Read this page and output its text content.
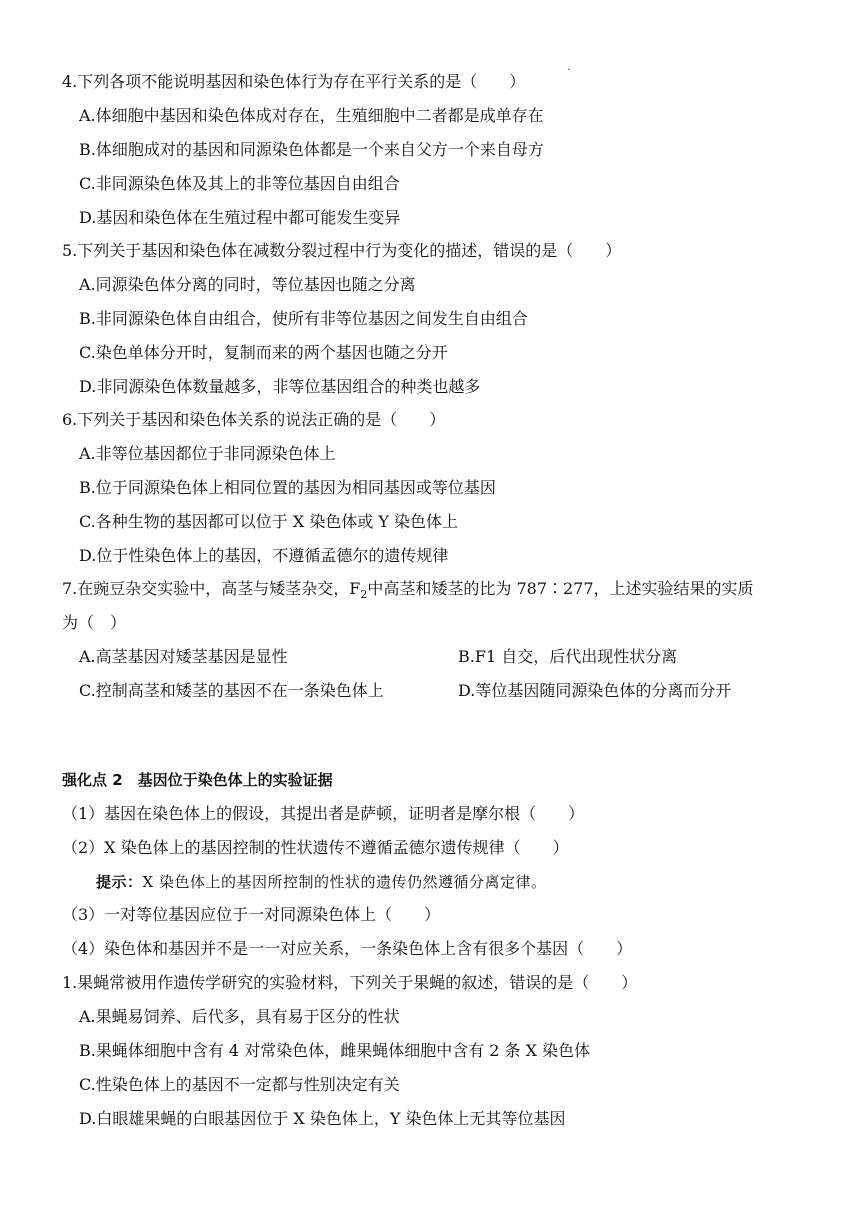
4.下列各项不能说明基因和染色体行为存在平行关系的是（　　）	˙
A.体细胞中基因和染色体成对存在，生殖细胞中二者都是成单存在
B.体细胞成对的基因和同源染色体都是一个来自父方一个来自母方
C.非同源染色体及其上的非等位基因自由组合
D.基因和染色体在生殖过程中都可能发生变异
5.下列关于基因和染色体在减数分裂过程中行为变化的描述，错误的是（　　）
A.同源染色体分离的同时，等位基因也随之分离
B.非同源染色体自由组合，使所有非等位基因之间发生自由组合
C.染色单体分开时，复制而来的两个基因也随之分开
D.非同源染色体数量越多，非等位基因组合的种类也越多
6.下列关于基因和染色体关系的说法正确的是（　　）
A.非等位基因都位于非同源染色体上
B.位于同源染色体上相同位置的基因为相同基因或等位基因
C.各种生物的基因都可以位于 X 染色体或 Y 染色体上
D.位于性染色体上的基因，不遵循孟德尔的遗传规律
7.在豌豆杂交实验中，高茎与矮茎杂交，$F_2$中高茎和矮茎的比为 787∶277，上述实验结果的实质
为（　）
A.高茎基因对矮茎基因是显性	B.F1 自交，后代出现性状分离
C.控制高茎和矮茎的基因不在一条染色体上	D.等位基因随同源染色体的分离而分开
强化点 2　基因位于染色体上的实验证据
（1）基因在染色体上的假设，其提出者是萨顿，证明者是摩尔根（　　）
（2）X 染色体上的基因控制的性状遗传不遵循孟德尔遗传规律（　　）
提示：X 染色体上的基因所控制的性状的遗传仍然遵循分离定律。
（3）一对等位基因应位于一对同源染色体上（　　）
（4）染色体和基因并不是一一对应关系，一条染色体上含有很多个基因（　　）
1.果蝇常被用作遗传学研究的实验材料，下列关于果蝇的叙述，错误的是（　　）
A.果蝇易饲养、后代多，具有易于区分的性状
B.果蝇体细胞中含有 4 对常染色体，雌果蝇体细胞中含有 2 条 X 染色体
C.性染色体上的基因不一定都与性别决定有关
D.白眼雄果蝇的白眼基因位于 X 染色体上，Y 染色体上无其等位基因
